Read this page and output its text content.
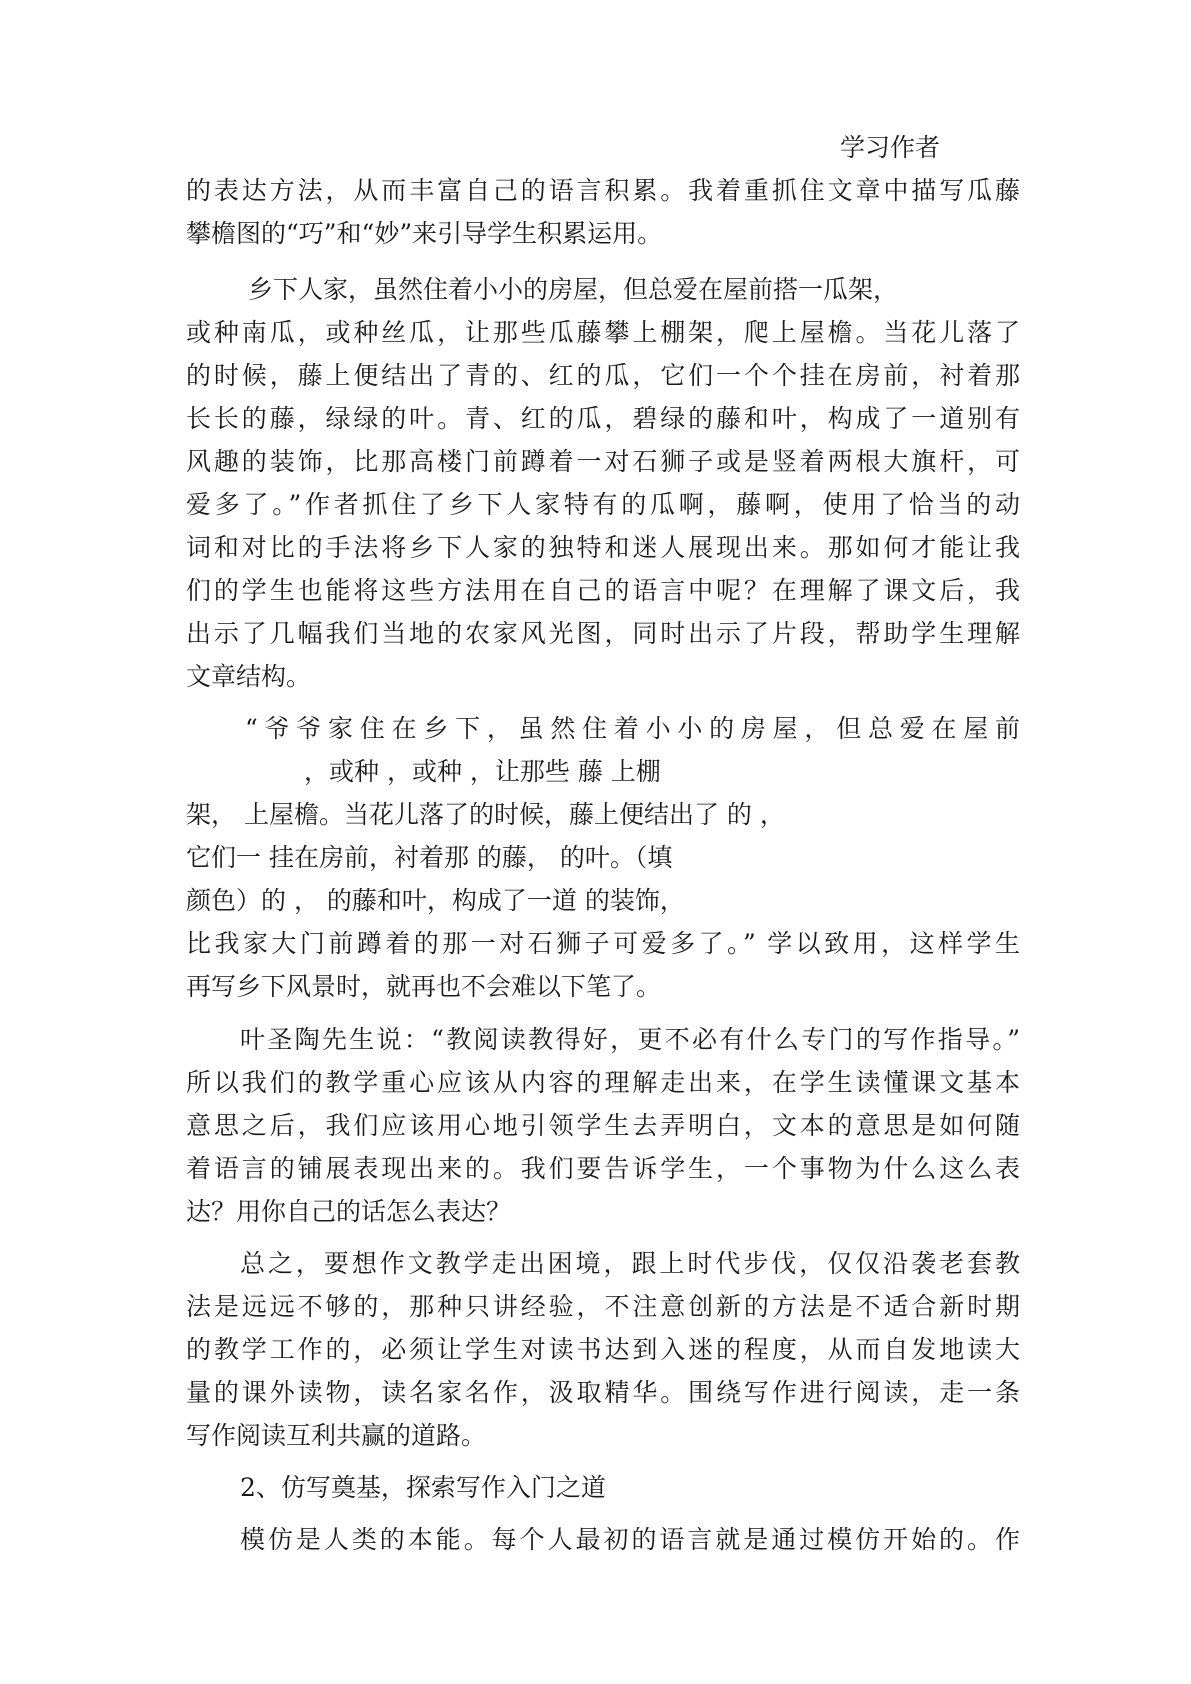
学习作者
的表达方法，从而丰富自己的语言积累。我着重抓住文章中描写瓜藤
攀檐图的“巧”和“妙”来引导学生积累运用。
乡下人家，虽然住着小小的房屋，但总爱在屋前搭一瓜架，
或种南瓜，或种丝瓜，让那些瓜藤攀上棚架，爬上屋檐。当花儿落了
的时候，藤上便结出了青的、红的瓜，它们一个个挂在房前，衬着那
长长的藤，绿绿的叶。青、红的瓜，碧绿的藤和叶，构成了一道别有
风趣的装饰，比那高楼门前蹲着一对石狮子或是竖着两根大旗杆，可
爱多了。”作者抓住了乡下人家特有的瓜啊，藤啊，使用了恰当的动
词和对比的手法将乡下人家的独特和迷人展现出来。那如何才能让我
们的学生也能将这些方法用在自己的语言中呢？在理解了课文后，我
出示了几幅我们当地的农家风光图，同时出示了片段，帮助学生理解
文章结构。
“爷爷家住在乡下，虽然住着小小的房屋，但总爱在屋前
，或种 ，或种 ，让那些 藤 上棚
架， 上屋檐。当花儿落了的时候，藤上便结出了 的 ，
它们一 挂在房前，衬着那 的藤， 的叶。（填
颜色）的 ， 的藤和叶，构成了一道 的装饰，
比我家大门前蹲着的那一对石狮子可爱多了。” 学以致用，这样学生
再写乡下风景时，就再也不会难以下笔了。
叶圣陶先生说：“教阅读教得好，更不必有什么专门的写作指导。”
所以我们的教学重心应该从内容的理解走出来，在学生读懂课文基本
意思之后，我们应该用心地引领学生去弄明白，文本的意思是如何随
着语言的铺展表现出来的。我们要告诉学生，一个事物为什么这么表
达？用你自己的话怎么表达？
总之，要想作文教学走出困境，跟上时代步伐，仅仅沿袭老套教
法是远远不够的，那种只讲经验，不注意创新的方法是不适合新时期
的教学工作的，必须让学生对读书达到入迷的程度，从而自发地读大
量的课外读物，读名家名作，汲取精华。围绕写作进行阅读，走一条
写作阅读互利共赢的道路。
2、仿写奠基，探索写作入门之道
模仿是人类的本能。每个人最初的语言就是通过模仿开始的。作
